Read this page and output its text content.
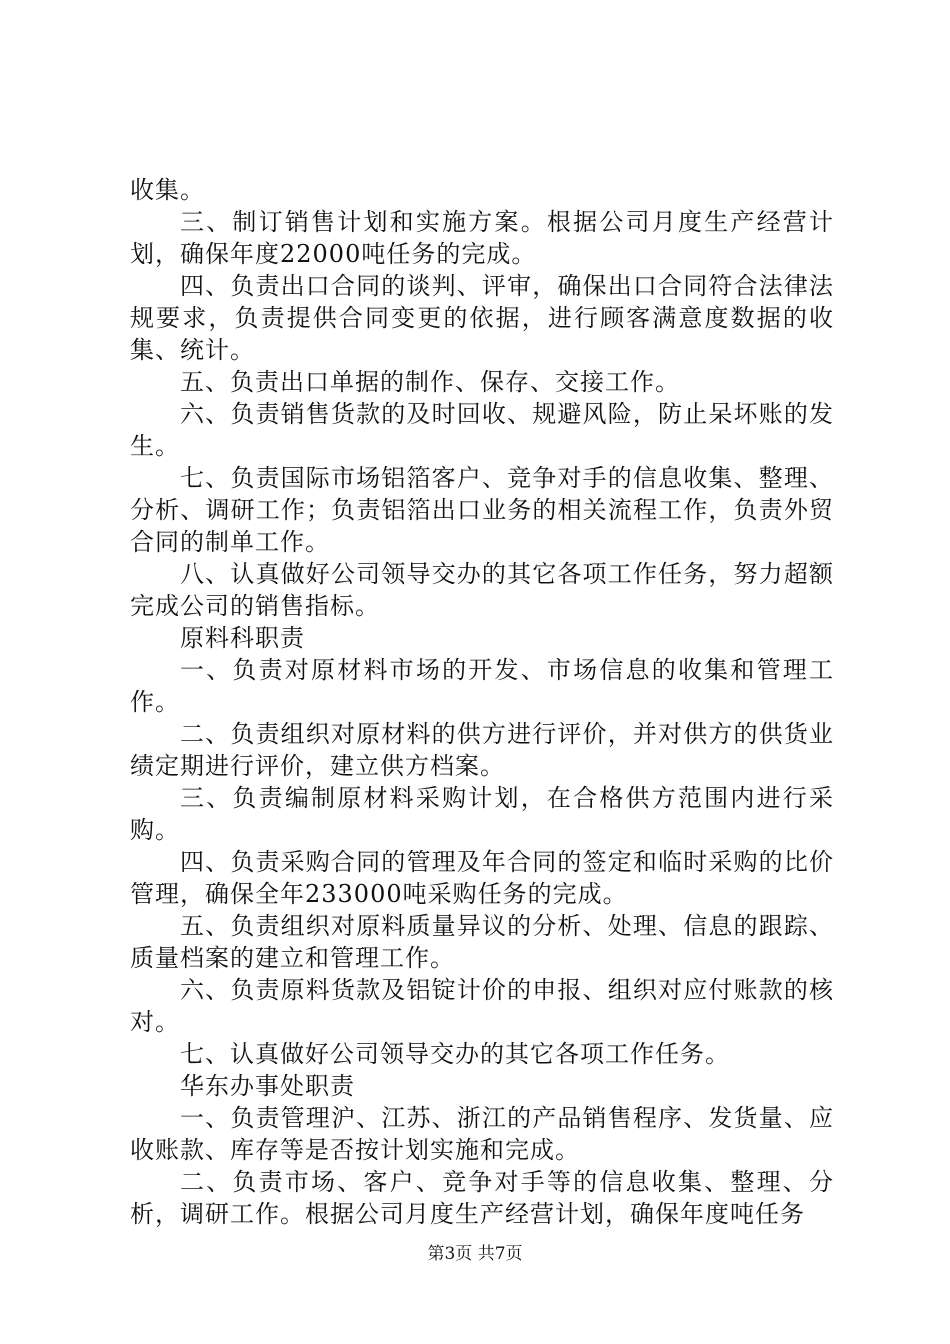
收集。

三、制订销售计划和实施方案。根据公司月度生产经营计划，确保年度22000吨任务的完成。

四、负责出口合同的谈判、评审，确保出口合同符合法律法规要求，负责提供合同变更的依据，进行顾客满意度数据的收集、统计。

五、负责出口单据的制作、保存、交接工作。

六、负责销售货款的及时回收、规避风险，防止呆坏账的发生。

七、负责国际市场铝箔客户、竞争对手的信息收集、整理、分析、调研工作；负责铝箔出口业务的相关流程工作，负责外贸合同的制单工作。

八、认真做好公司领导交办的其它各项工作任务，努力超额完成公司的销售指标。

原料科职责

一、负责对原材料市场的开发、市场信息的收集和管理工作。

二、负责组织对原材料的供方进行评价，并对供方的供货业绩定期进行评价，建立供方档案。

三、负责编制原材料采购计划，在合格供方范围内进行采购。

四、负责采购合同的管理及年合同的签定和临时采购的比价管理，确保全年233000吨采购任务的完成。

五、负责组织对原料质量异议的分析、处理、信息的跟踪、质量档案的建立和管理工作。

六、负责原料货款及铝锭计价的申报、组织对应付账款的核对。

七、认真做好公司领导交办的其它各项工作任务。

华东办事处职责

一、负责管理沪、江苏、浙江的产品销售程序、发货量、应收账款、库存等是否按计划实施和完成。

二、负责市场、客户、竞争对手等的信息收集、整理、分析，调研工作。根据公司月度生产经营计划，确保年度吨任务

第3页 共7页
